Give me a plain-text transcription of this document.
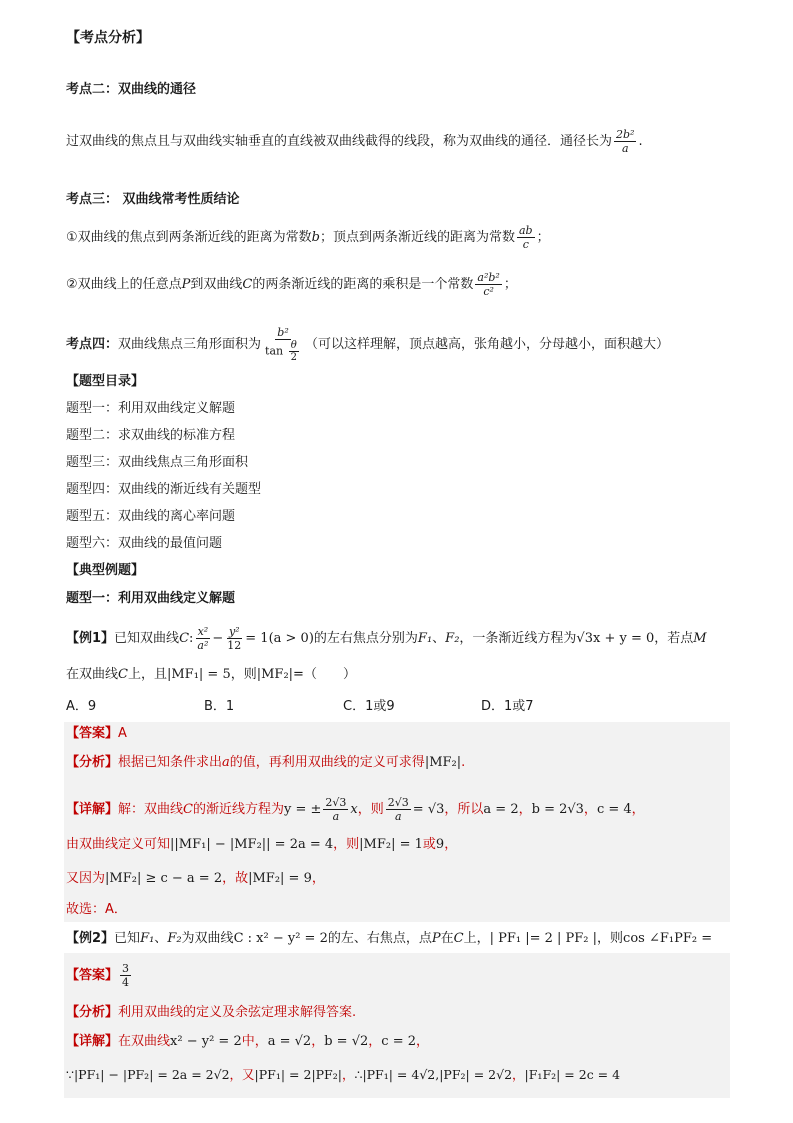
【考点分析】
考点二：双曲线的通径
过双曲线的焦点且与双曲线实轴垂直的直线被双曲线截得的线段，称为双曲线的通径．通径长为 $\frac{\text{2b²}}{a}$ .
考点三： 双曲线常考性质结论
①双曲线的焦点到两条渐近线的距离为常数b；顶点到两条渐近线的距离为常数 $\frac{ab}{c}$ ；
②双曲线上的任意点P到双曲线C的两条渐近线的距离的乘积是一个常数 $\frac{\text{a²b²}}{\text{c²}}$ ；
考点四：双曲线焦点三角形面积为 $\frac{\text{b²}}{\tan \frac{\theta}{2}}$ （可以这样理解，顶点越高，张角越小，分母越小，面积越大）
【题型目录】
题型一：利用双曲线定义解题
题型二：求双曲线的标准方程
题型三：双曲线焦点三角形面积
题型四：双曲线的渐近线有关题型
题型五：双曲线的离心率问题
题型六：双曲线的最值问题
【典型例题】
题型一：利用双曲线定义解题
【例1】已知双曲线C: $\frac{\text{x²}}{\text{a²}} - \frac{\text{y²}}{12} = 1(a > 0)$的左右焦点分别为F₁、F₂，一条渐近线方程为√3x + y = 0，若点M
在双曲线C上，且|MF₁| = 5，则|MF₂|=（　　）
A．9	B．1	C．1或9	D．1或7
【答案】A
【分析】根据已知条件求出a的值，再利用双曲线的定义可求得|MF₂|.
【详解】解：双曲线C的渐近线方程为y = ± $\frac{2√3}{a}$ x，则 $\frac{2√3}{a} = √3$，所以a = 2，b = 2√3，c = 4，
由双曲线定义可知||MF₁| − |MF₂|| = 2a = 4，则|MF₂| = 1或9，
又因为|MF₂| ≥ c − a = 2，故|MF₂| = 9，
故选：A．
【例2】已知F₁、F₂为双曲线C : x² − y² = 2的左、右焦点，点P在C上，| PF₁ |= 2 | PF₂ |，则cos ∠F₁PF₂ =
【答案】 $\frac{3}{4}$
【分析】利用双曲线的定义及余弦定理求解得答案.
【详解】在双曲线x² − y² = 2中，a = √2，b = √2，c = 2，
∵|PF₁| − |PF₂| = 2a = 2√2，又|PF₁| = 2|PF₂|，∴|PF₁| = 4√2,|PF₂| = 2√2，|F₁F₂| = 2c = 4
